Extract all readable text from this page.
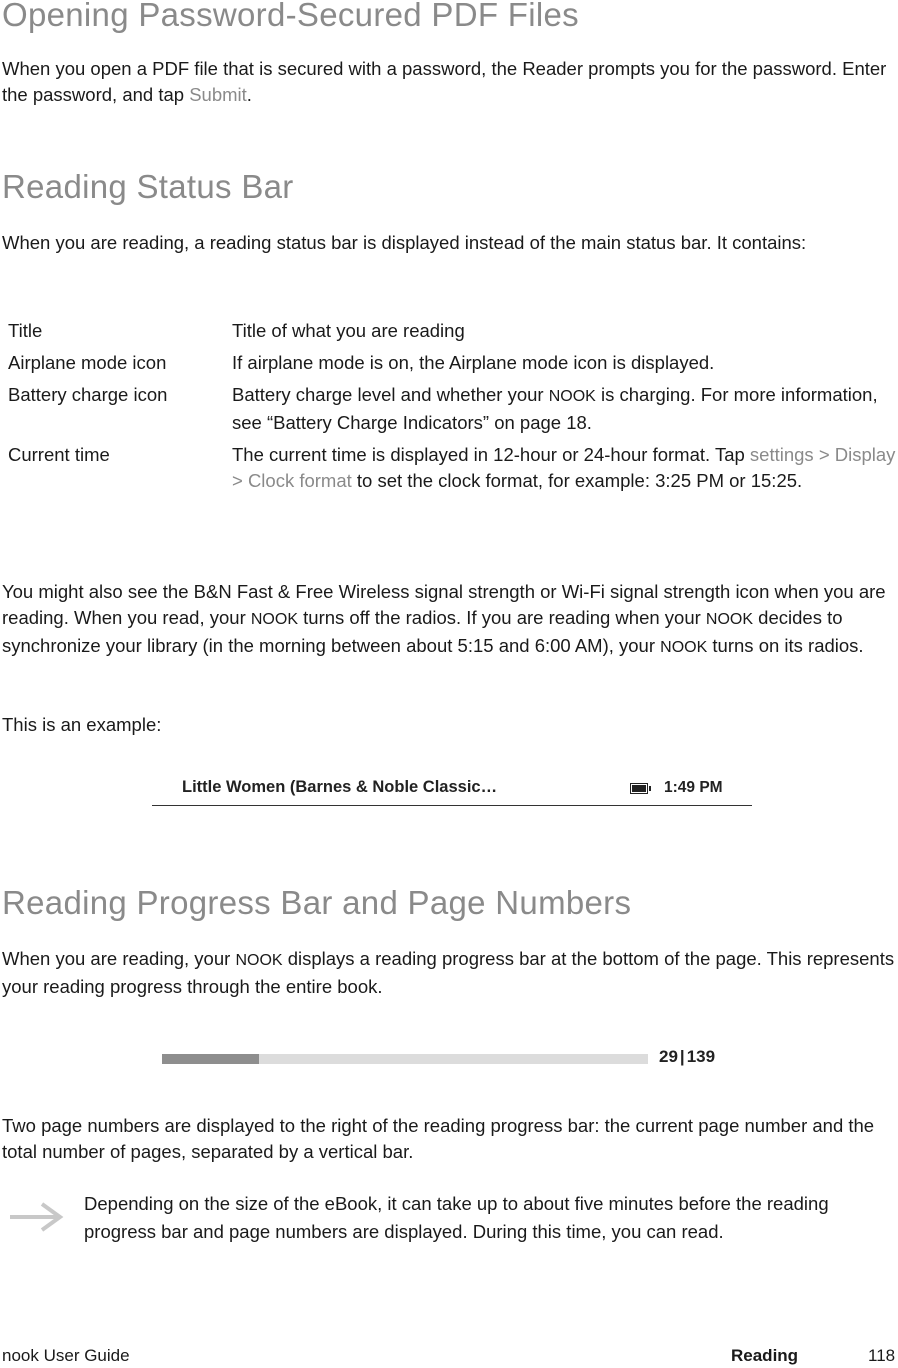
Opening Password-Secured PDF Files

When you open a PDF file that is secured with a password, the Reader prompts you for the password. Enter the password, and tap Submit.

Reading Status Bar

When you are reading, a reading status bar is displayed instead of the main status bar. It contains:

Title	Title of what you are reading
Airplane mode icon	If airplane mode is on, the Airplane mode icon is displayed.
Battery charge icon	Battery charge level and whether your NOOK is charging. For more information, see “Battery Charge Indicators” on page 18.
Current time	The current time is displayed in 12-hour or 24-hour format. Tap settings > Display > Clock format to set the clock format, for example: 3:25 PM or 15:25.

You might also see the B&N Fast & Free Wireless signal strength or Wi-Fi signal strength icon when you are reading. When you read, your NOOK turns off the radios. If you are reading when your NOOK decides to synchronize your library (in the morning between about 5:15 and 6:00 AM), your NOOK turns on its radios.

This is an example:

Little Women (Barnes & Noble Classic…	1:49 PM
Reading Progress Bar and Page Numbers

When you are reading, your NOOK displays a reading progress bar at the bottom of the page. This represents your reading progress through the entire book.

29 | 139

Two page numbers are displayed to the right of the reading progress bar: the current page number and the total number of pages, separated by a vertical bar.

Depending on the size of the eBook, it can take up to about five minutes before the reading progress bar and page numbers are displayed. During this time, you can read.

nook User Guide	Reading	118
